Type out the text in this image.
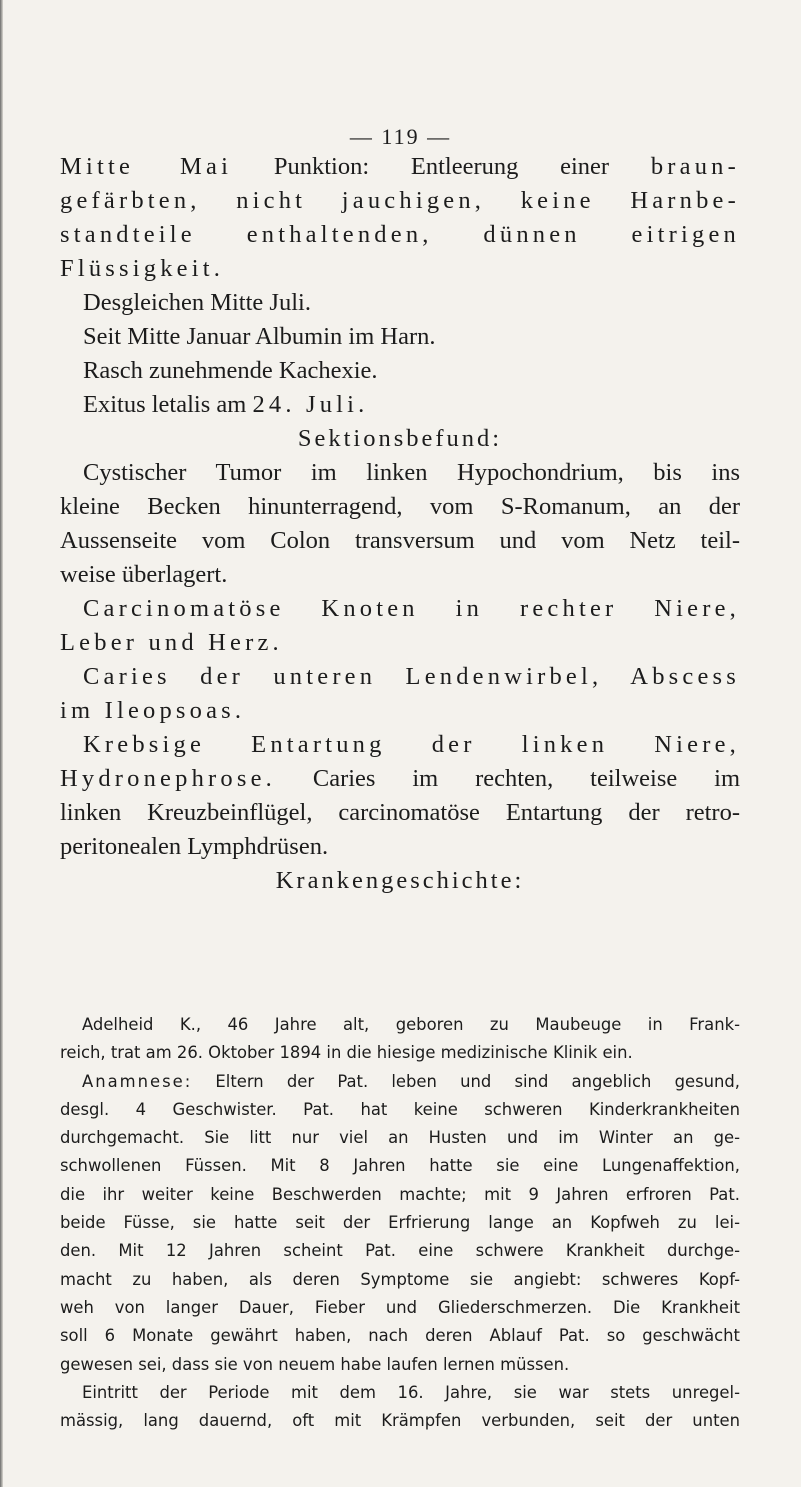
— 119 —

Mitte Mai Punktion: Entleerung einer braun-

gefärbten, nicht jauchigen, keine Harnbe-

standteile enthaltenden, dünnen eitrigen

Flüssigkeit.

Desgleichen Mitte Juli.

Seit Mitte Januar Albumin im Harn.

Rasch zunehmende Kachexie.

Exitus letalis am 24. Juli.

Sektionsbefund:

Cystischer Tumor im linken Hypochondrium, bis ins

kleine Becken hinunterragend, vom S-Romanum, an der

Aussenseite vom Colon transversum und vom Netz teil-

weise überlagert.

Carcinomatöse Knoten in rechter Niere,

Leber und Herz.

Caries der unteren Lendenwirbel, Abscess

im Ileopsoas.

Krebsige Entartung der linken Niere,

Hydronephrose. Caries im rechten, teilweise im

linken Kreuzbeinflügel, carcinomatöse Entartung der retro-

peritonealen Lymphdrüsen.

Krankengeschichte:

Adelheid K., 46 Jahre alt, geboren zu Maubeuge in Frank-

reich, trat am 26. Oktober 1894 in die hiesige medizinische Klinik ein.

Anamnese: Eltern der Pat. leben und sind angeblich gesund,

desgl. 4 Geschwister. Pat. hat keine schweren Kinderkrankheiten

durchgemacht. Sie litt nur viel an Husten und im Winter an ge-

schwollenen Füssen. Mit 8 Jahren hatte sie eine Lungenaffektion,

die ihr weiter keine Beschwerden machte; mit 9 Jahren erfroren Pat.

beide Füsse, sie hatte seit der Erfrierung lange an Kopfweh zu lei-

den. Mit 12 Jahren scheint Pat. eine schwere Krankheit durchge-

macht zu haben, als deren Symptome sie angiebt: schweres Kopf-

weh von langer Dauer, Fieber und Gliederschmerzen. Die Krankheit

soll 6 Monate gewährt haben, nach deren Ablauf Pat. so geschwächt

gewesen sei, dass sie von neuem habe laufen lernen müssen.

Eintritt der Periode mit dem 16. Jahre, sie war stets unregel-

mässig, lang dauernd, oft mit Krämpfen verbunden, seit der unten
